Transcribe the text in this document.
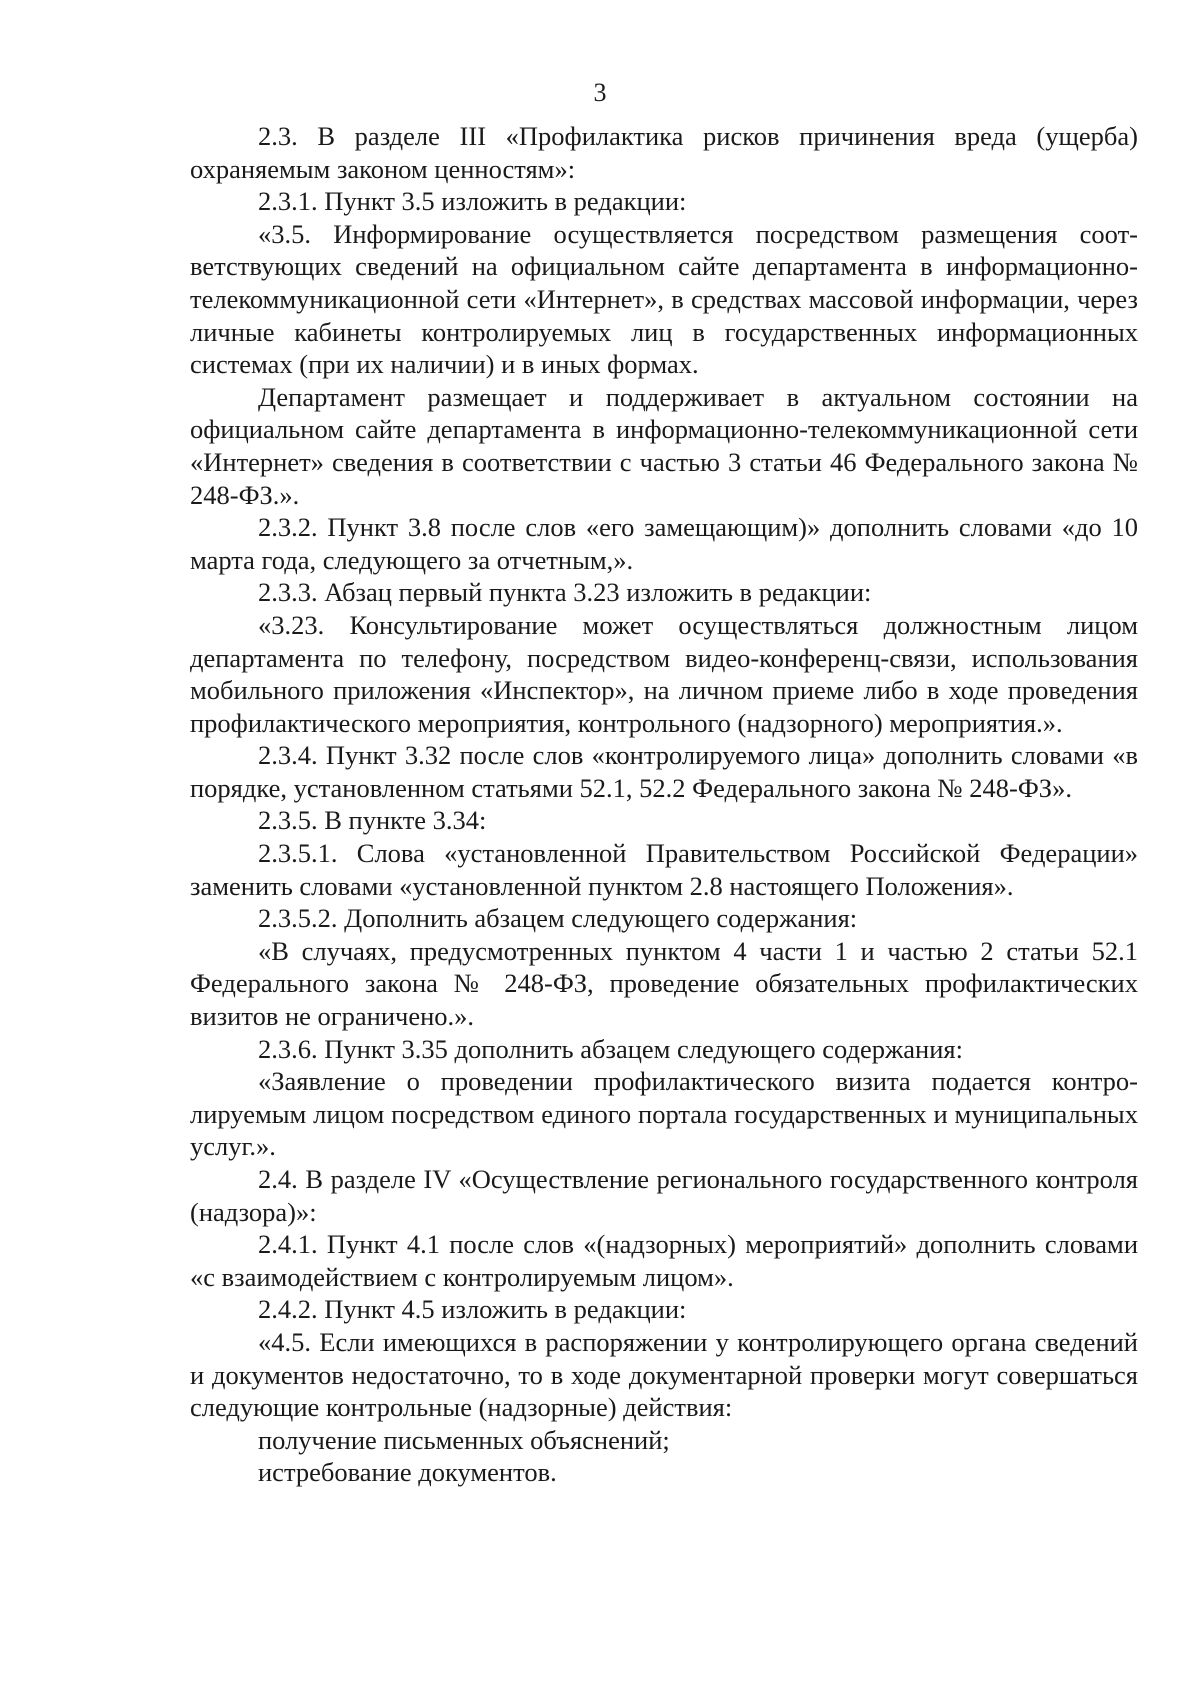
3

2.3. В разделе III «Профилактика рисков причинения вреда (ущерба) охраняемым законом ценностям»:

2.3.1. Пункт 3.5 изложить в редакции:

«3.5. Информирование осуществляется посредством размещения соответствующих сведений на официальном сайте департамента в информационно-телекоммуникационной сети «Интернет», в средствах массовой информации, через личные кабинеты контролируемых лиц в государственных информационных системах (при их наличии) и в иных формах.

Департамент размещает и поддерживает в актуальном состоянии на официальном сайте департамента в информационно-телекоммуникационной сети «Интернет» сведения в соответствии с частью 3 статьи 46 Федерального закона № 248-ФЗ.».

2.3.2. Пункт 3.8 после слов «его замещающим)» дополнить словами «до 10 марта года, следующего за отчетным,».

2.3.3. Абзац первый пункта 3.23 изложить в редакции:

«3.23. Консультирование может осуществляться должностным лицом департамента по телефону, посредством видео-конференц-связи, использования мобильного приложения «Инспектор», на личном приеме либо в ходе проведения профилактического мероприятия, контрольного (надзорного) мероприятия.».

2.3.4. Пункт 3.32 после слов «контролируемого лица» дополнить словами «в порядке, установленном статьями 52.1, 52.2 Федерального закона № 248-ФЗ».

2.3.5. В пункте 3.34:

2.3.5.1. Слова «установленной Правительством Российской Федерации» заменить словами «установленной пунктом 2.8 настоящего Положения».

2.3.5.2. Дополнить абзацем следующего содержания:

«В случаях, предусмотренных пунктом 4 части 1 и частью 2 статьи 52.1 Федерального закона № 248-ФЗ, проведение обязательных профилактических визитов не ограничено.».

2.3.6. Пункт 3.35 дополнить абзацем следующего содержания:

«Заявление о проведении профилактического визита подается контролируемым лицом посредством единого портала государственных и муниципальных услуг.».

2.4. В разделе IV «Осуществление регионального государственного контроля (надзора)»:

2.4.1. Пункт 4.1 после слов «(надзорных) мероприятий» дополнить словами «с взаимодействием с контролируемым лицом».

2.4.2. Пункт 4.5 изложить в редакции:

«4.5. Если имеющихся в распоряжении у контролирующего органа сведений и документов недостаточно, то в ходе документарной проверки могут совершаться следующие контрольные (надзорные) действия:

получение письменных объяснений;

истребование документов.
